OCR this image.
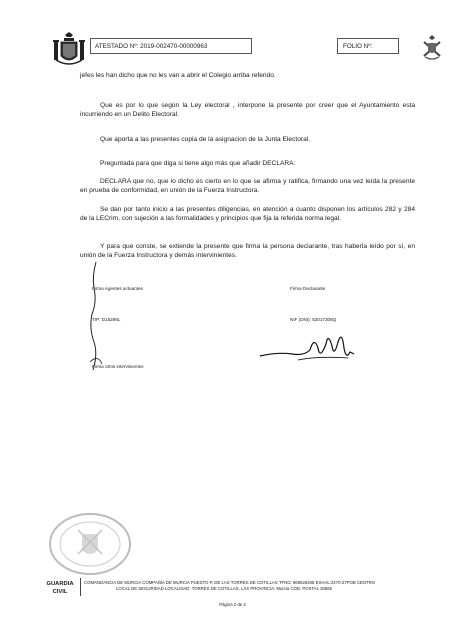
ATESTADO Nº: 2019-002470-00000963	FOLIO Nº:

jefes les han dicho que no les van a abrir el Colegio arriba referido.

Que es por lo que según la Ley electoral , interpone la presente por creer que el Ayuntamiento esta incurriendo en un Delito Electoral.

Que aporta a las presentes copia de la asignacion de la Junta Electoral.

Preguntada para que diga si tiene algo más que añadir DECLARA:

DECLARA que no, que lo dicho es cierto en lo que se afirma y ratifica, firmando una vez leída la presente en prueba de conformidad, en unión de la Fuerza Instructora.

Se dan por tanto inicio a las presentes diligencias, en atención a cuanto disponen los artículos 282 y 284 de la LECrim, con sujeción a las formalidades y principios que fija la referida norma legal.

Y para que conste, se extiende la presente que firma la persona declarante, tras haberla leído por sí, en unión de la Fuerza Instructora y demás intervinientes.

Firma Agentes actuantes	Firma Declarante
TIP: D15296L	NIF (DNI): 52017308Q
Firma otros intervinientes
GUARDIA
CIVIL
COMANDANCIA DE MURCIA COMPAÑÍA DE MURCIA PUESTO P. DE LAS TORRES DE COTILLAS TFNO: 968626408 EXHAL:2470-27POB CENTRO
LOCAL DE SEGURIDAD LOCALIDAD: TORRES DE COTILLAS, LAS PROVINCIA: Murcia COD. POSTAL 30565
Página 2 de 2
